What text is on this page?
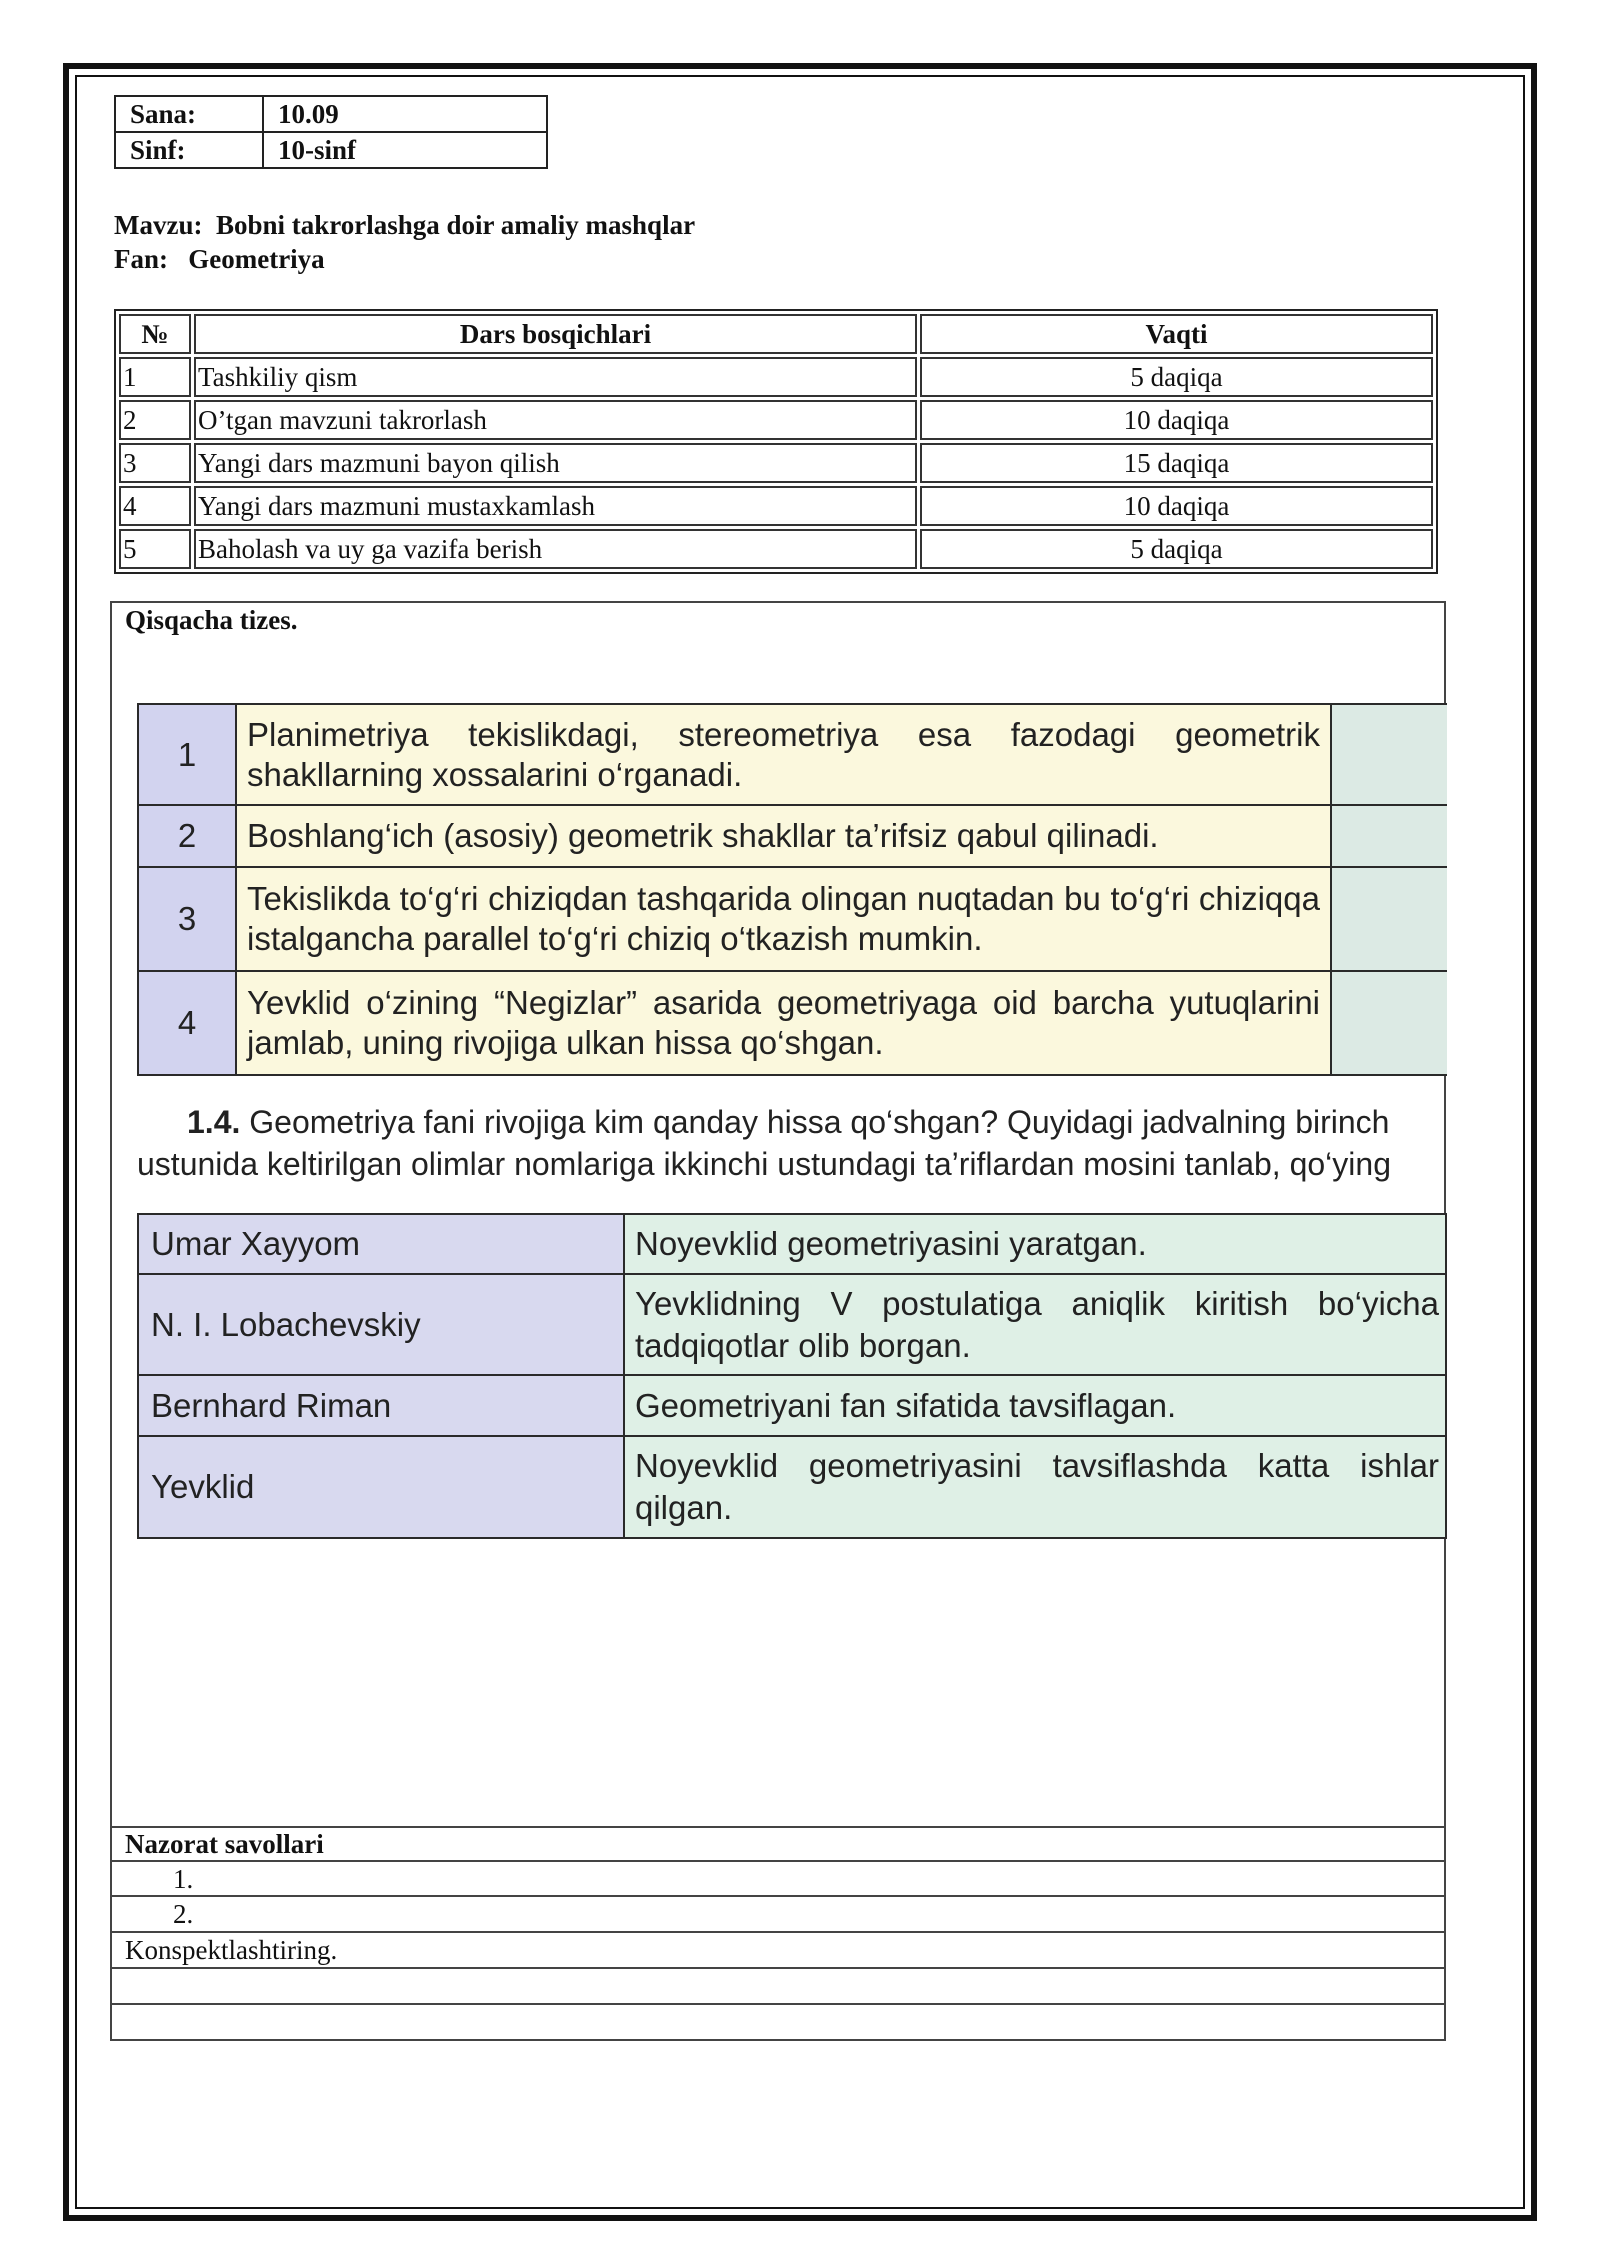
Sana:	10.09
Sinf:	10-sinf
Mavzu: Bobni takrorlashga doir amaliy mashqlar
Fan: Geometriya
№	Dars bosqichlari	Vaqti
1	Tashkiliy qism	5 daqiqa
2	O’tgan mavzuni takrorlash	10 daqiqa
3	Yangi dars mazmuni bayon qilish	15 daqiqa
4	Yangi dars mazmuni mustaxkamlash	10 daqiqa
5	Baholash va uy ga vazifa berish	5 daqiqa
Qisqacha tizes.
1	Planimetriya tekislikdagi, stereometriya esa fazodagi geometrik shakllarning xossalarini o‘rganadi.	
2	Boshlang‘ich (asosiy) geometrik shakllar ta’rifsiz qabul qilinadi.	
3	Tekislikda to‘g‘ri chiziqdan tashqarida olingan nuqtadan bu to‘g‘ri chiziqqa istalgancha parallel to‘g‘ri chiziq o‘tkazish mumkin.	
4	Yevklid o‘zining “Negizlar” asarida geometriyaga oid barcha yutuqlarini jamlab, uning rivojiga ulkan hissa qo‘shgan.	
1.4. Geometriya fani rivojiga kim qanday hissa qo‘shgan? Quyidagi jadvalning birinch
ustunida keltirilgan olimlar nomlariga ikkinchi ustundagi ta’riflardan mosini tanlab, qo‘ying
Umar Xayyom	Noyevklid geometriyasini yaratgan.
N. I. Lobachevskiy	Yevklidning V postulatiga aniqlik kiritish bo‘yicha tadqiqotlar olib borgan.
Bernhard Riman	Geometriyani fan sifatida tavsiflagan.
Yevklid	Noyevklid geometriyasini tavsiflashda katta ishlar qilgan.
Nazorat savollari
1.
2.
Konspektlashtiring.
